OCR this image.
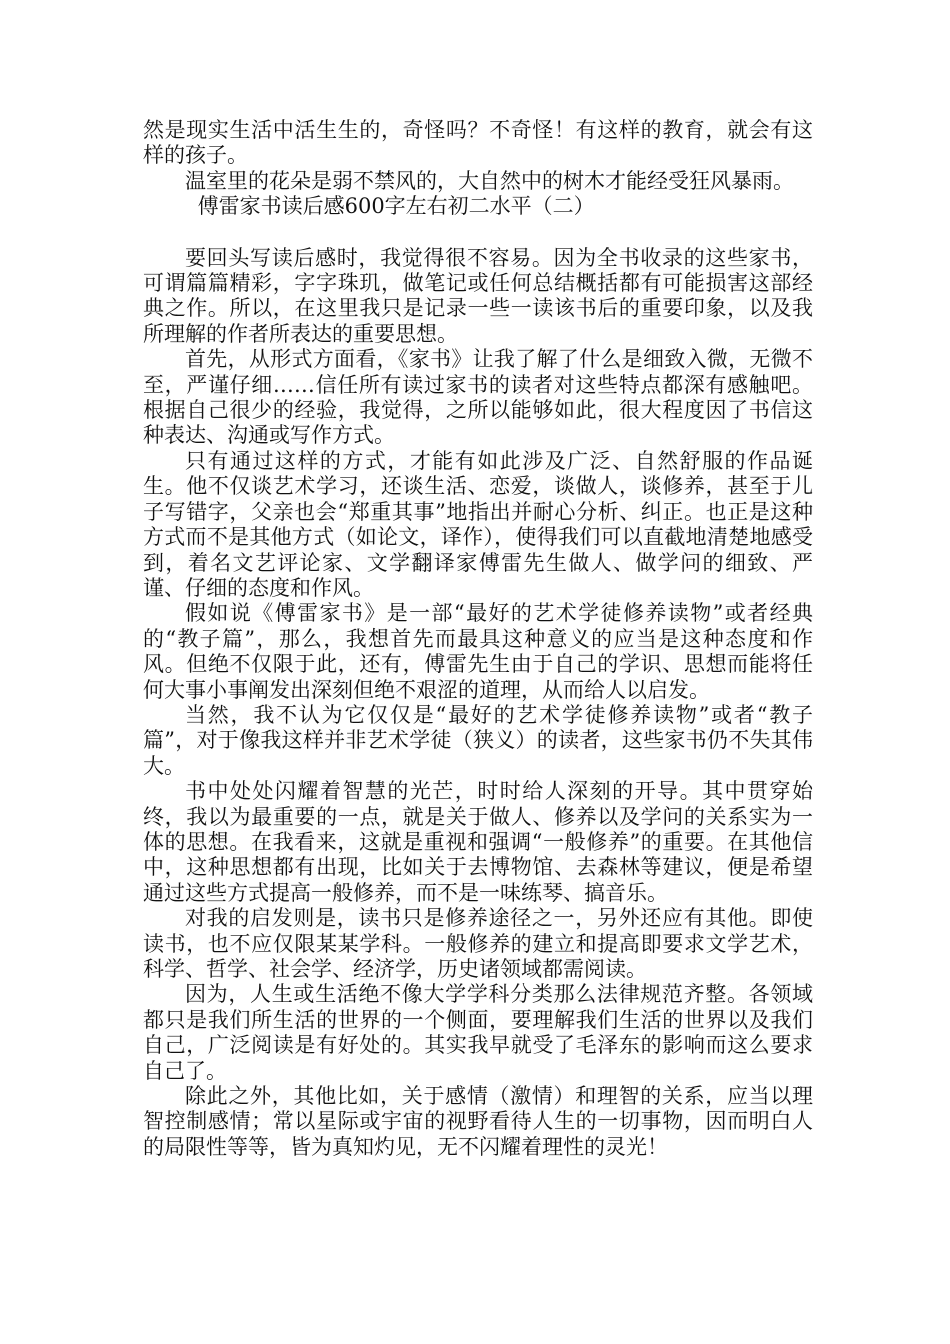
然是现实生活中活生生的，奇怪吗？不奇怪！有这样的教育，就会有这样的孩子。

温室里的花朵是弱不禁风的，大自然中的树木才能经受狂风暴雨。

傅雷家书读后感600字左右初二水平（二）

要回头写读后感时，我觉得很不容易。因为全书收录的这些家书，可谓篇篇精彩，字字珠玑，做笔记或任何总结概括都有可能损害这部经典之作。所以，在这里我只是记录一些一读该书后的重要印象，以及我所理解的作者所表达的重要思想。

首先，从形式方面看，《家书》让我了解了什么是细致入微，无微不至，严谨仔细……信任所有读过家书的读者对这些特点都深有感触吧。根据自己很少的经验，我觉得，之所以能够如此，很大程度因了书信这种表达、沟通或写作方式。

只有通过这样的方式，才能有如此涉及广泛、自然舒服的作品诞生。他不仅谈艺术学习，还谈生活、恋爱，谈做人，谈修养，甚至于儿子写错字，父亲也会“郑重其事”地指出并耐心分析、纠正。也正是这种方式而不是其他方式（如论文，译作），使得我们可以直截地清楚地感受到，着名文艺评论家、文学翻译家傅雷先生做人、做学问的细致、严谨、仔细的态度和作风。

假如说《傅雷家书》是一部“最好的艺术学徒修养读物”或者经典的“教子篇”，那么，我想首先而最具这种意义的应当是这种态度和作风。但绝不仅限于此，还有，傅雷先生由于自己的学识、思想而能将任何大事小事阐发出深刻但绝不艰涩的道理，从而给人以启发。

当然，我不认为它仅仅是“最好的艺术学徒修养读物”或者“教子篇”，对于像我这样并非艺术学徒（狭义）的读者，这些家书仍不失其伟大。

书中处处闪耀着智慧的光芒，时时给人深刻的开导。其中贯穿始终，我以为最重要的一点，就是关于做人、修养以及学问的关系实为一体的思想。在我看来，这就是重视和强调“一般修养”的重要。在其他信中，这种思想都有出现，比如关于去博物馆、去森林等建议，便是希望通过这些方式提高一般修养，而不是一味练琴、搞音乐。

对我的启发则是，读书只是修养途径之一，另外还应有其他。即使读书，也不应仅限某某学科。一般修养的建立和提高即要求文学艺术，科学、哲学、社会学、经济学，历史诸领域都需阅读。

因为，人生或生活绝不像大学学科分类那么法律规范齐整。各领域都只是我们所生活的世界的一个侧面，要理解我们生活的世界以及我们自己，广泛阅读是有好处的。其实我早就受了毛泽东的影响而这么要求自己了。

除此之外，其他比如，关于感情（激情）和理智的关系，应当以理智控制感情；常以星际或宇宙的视野看待人生的一切事物，因而明白人的局限性等等，皆为真知灼见，无不闪耀着理性的灵光！
